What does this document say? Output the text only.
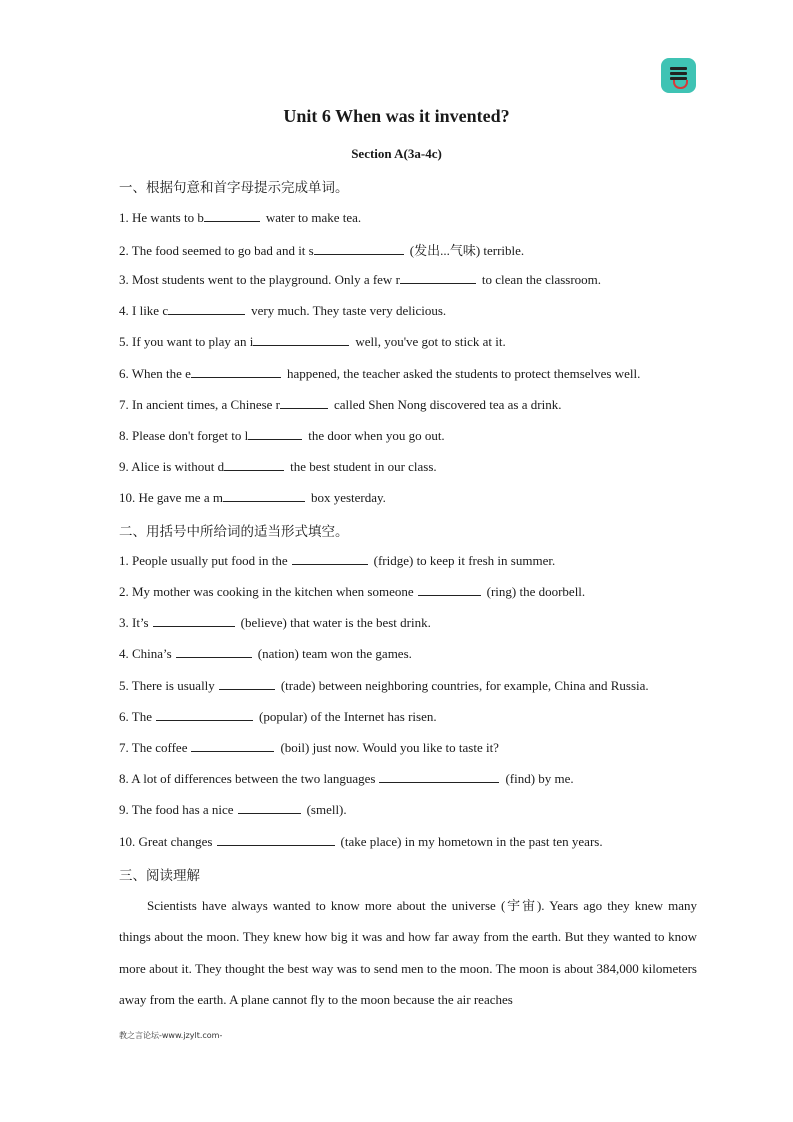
Unit 6 When was it invented?
Section A(3a-4c)
一、根据句意和首字母提示完成单词。
1. He wants to b	water to make tea.
2. The food seemed to go bad and it s	(发出...气味) terrible.
3. Most students went to the playground. Only a few r	to clean the classroom.
4. I like c	very much. They taste very delicious.
5. If you want to play an i	well, you've got to stick at it.
6. When the e	happened, the teacher asked the students to protect themselves well.
7. In ancient times, a Chinese r	called Shen Nong discovered tea as a drink.
8. Please don't forget to l	the door when you go out.
9. Alice is without d	the best student in our class.
10. He gave me a m	box yesterday.
二、用括号中所给词的适当形式填空。
1. People usually put food in the	(fridge) to keep it fresh in summer.
2. My mother was cooking in the kitchen when someone	(ring) the doorbell.
3. It’s	(believe) that water is the best drink.
4. China’s	(nation) team won the games.
5. There is usually	(trade) between neighboring countries, for example, China and Russia.
6. The	(popular) of the Internet has risen.
7. The coffee	(boil) just now. Would you like to taste it?
8. A lot of differences between the two languages	(find) by me.
9. The food has a nice	(smell).
10. Great changes	(take place) in my hometown in the past ten years.
三、阅读理解

Scientists have always wanted to know more about the universe (宇宙). Years ago they knew many things about the moon. They knew how big it was and how far away from the earth. But they wanted to know more about it. They thought the best way was to send men to the moon. The moon is about 384,000 kilometers away from the earth. A plane cannot fly to the moon because the air reaches

教之言论坛-www.jzylt.com-
